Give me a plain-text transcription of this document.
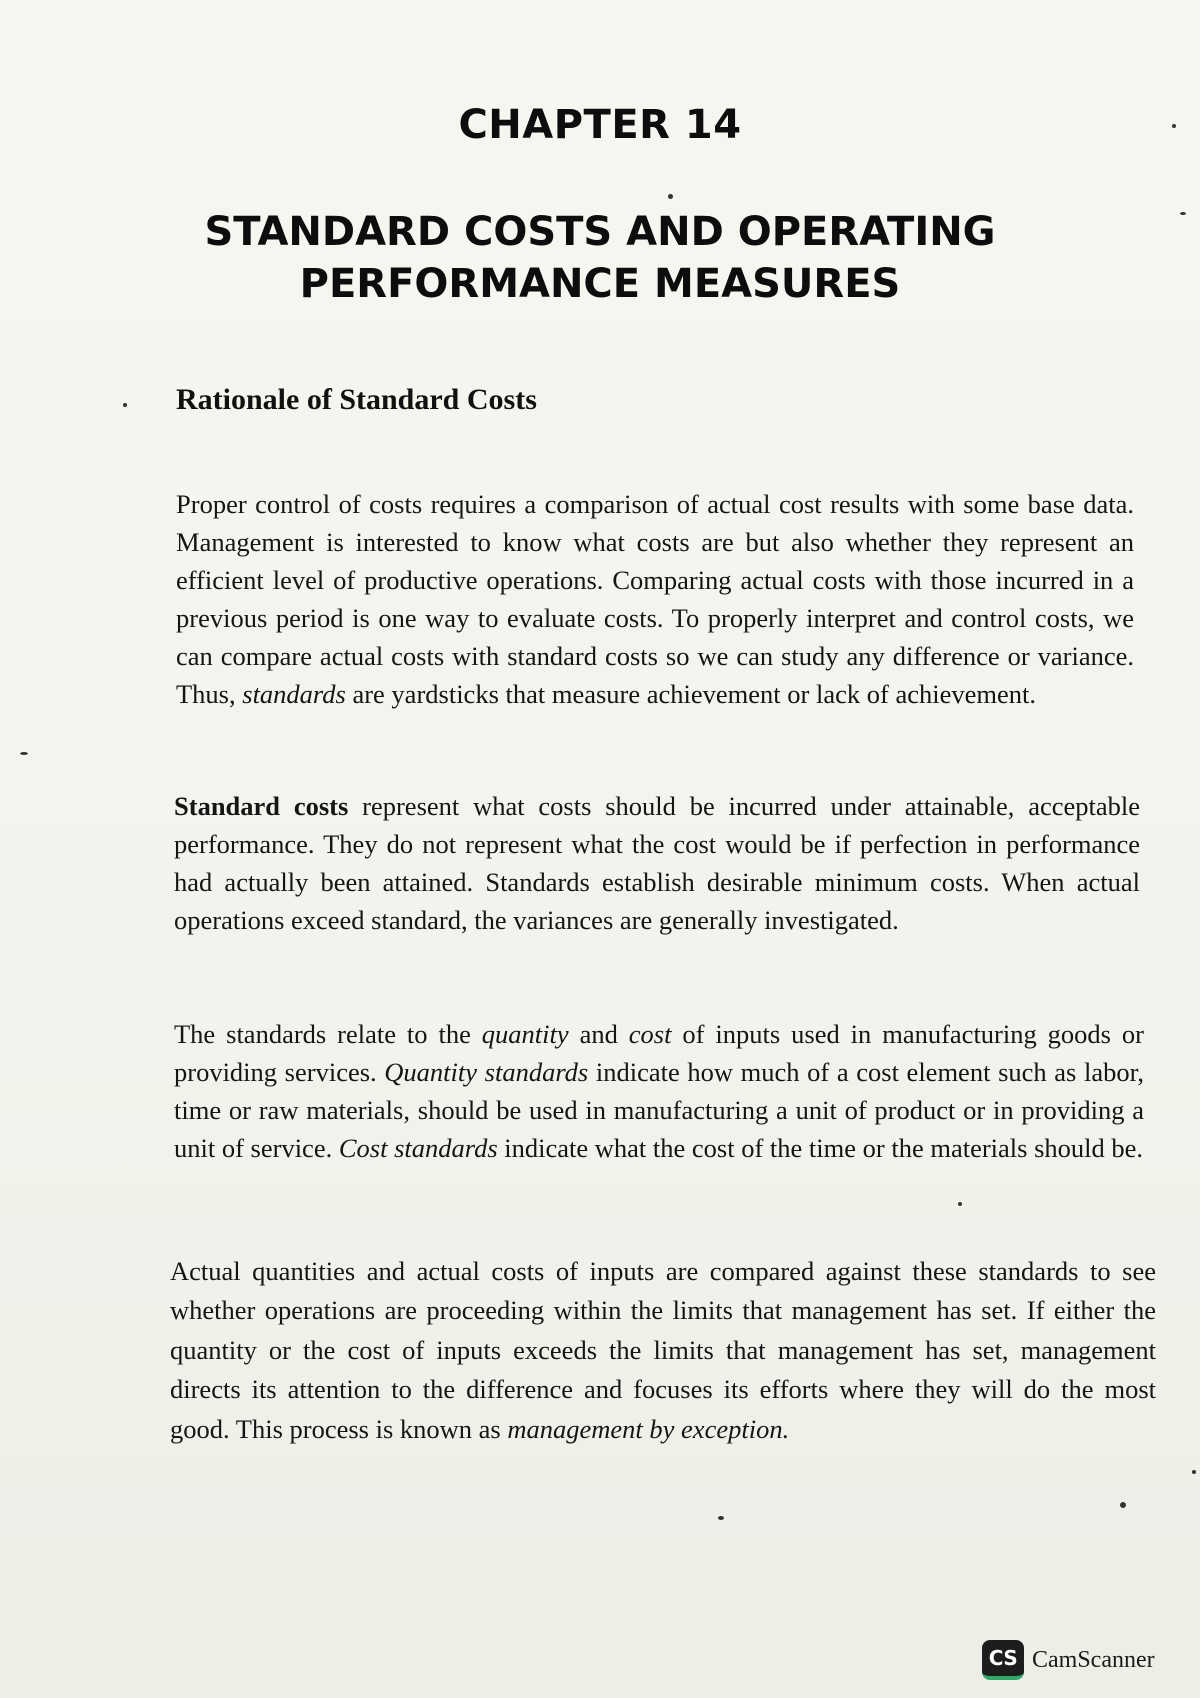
CHAPTER 14
STANDARD COSTS AND OPERATING
PERFORMANCE MEASURES
Rationale of Standard Costs

Proper control of costs requires a comparison of actual cost results with some base data. Management is interested to know what costs are but also whether they represent an efficient level of productive operations. Comparing actual costs with those incurred in a previous period is one way to evaluate costs. To properly interpret and control costs, we can compare actual costs with standard costs so we can study any difference or variance. Thus, standards are yardsticks that measure achievement or lack of achievement.

Standard costs represent what costs should be incurred under attainable, acceptable performance. They do not represent what the cost would be if perfection in performance had actually been attained. Standards establish desirable minimum costs. When actual operations exceed standard, the variances are generally investigated.

The standards relate to the quantity and cost of inputs used in manufacturing goods or providing services. Quantity standards indicate how much of a cost element such as labor, time or raw materials, should be used in manufacturing a unit of product or in providing a unit of service. Cost standards indicate what the cost of the time or the materials should be.

Actual quantities and actual costs of inputs are compared against these standards to see whether operations are proceeding within the limits that management has set. If either the quantity or the cost of inputs exceeds the limits that management has set, management directs its attention to the difference and focuses its efforts where they will do the most good. This process is known as management by exception.

CS CamScanner
